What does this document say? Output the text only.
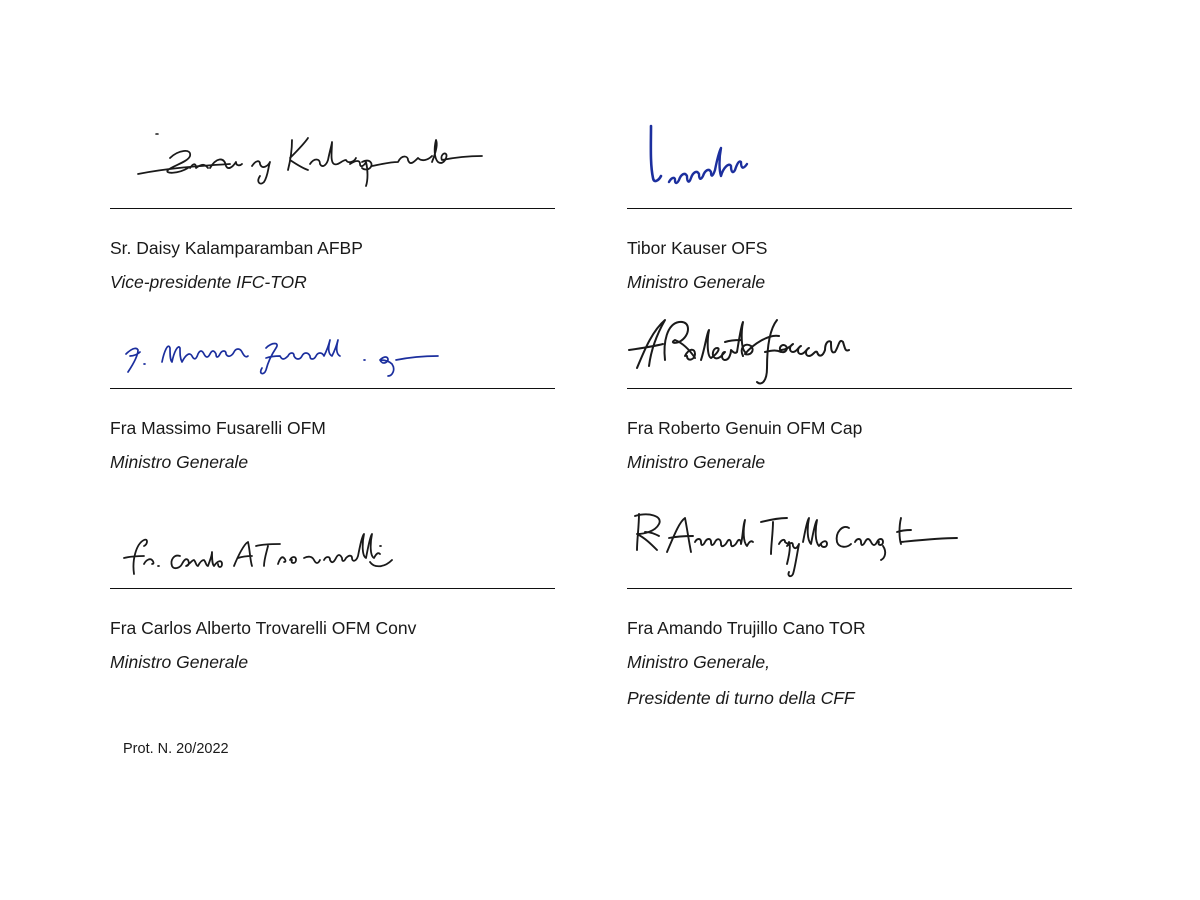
Sr. Daisy Kalamparamban AFBP
Vice-presidente IFC-TOR
Tibor Kauser OFS
Ministro Generale
Fra Massimo Fusarelli OFM
Ministro Generale
Fra Roberto Genuin OFM Cap
Ministro Generale
Fra Carlos Alberto Trovarelli OFM Conv
Ministro Generale
Fra Amando Trujillo Cano TOR
Ministro Generale,
Presidente di turno della CFF
Prot. N. 20/2022
